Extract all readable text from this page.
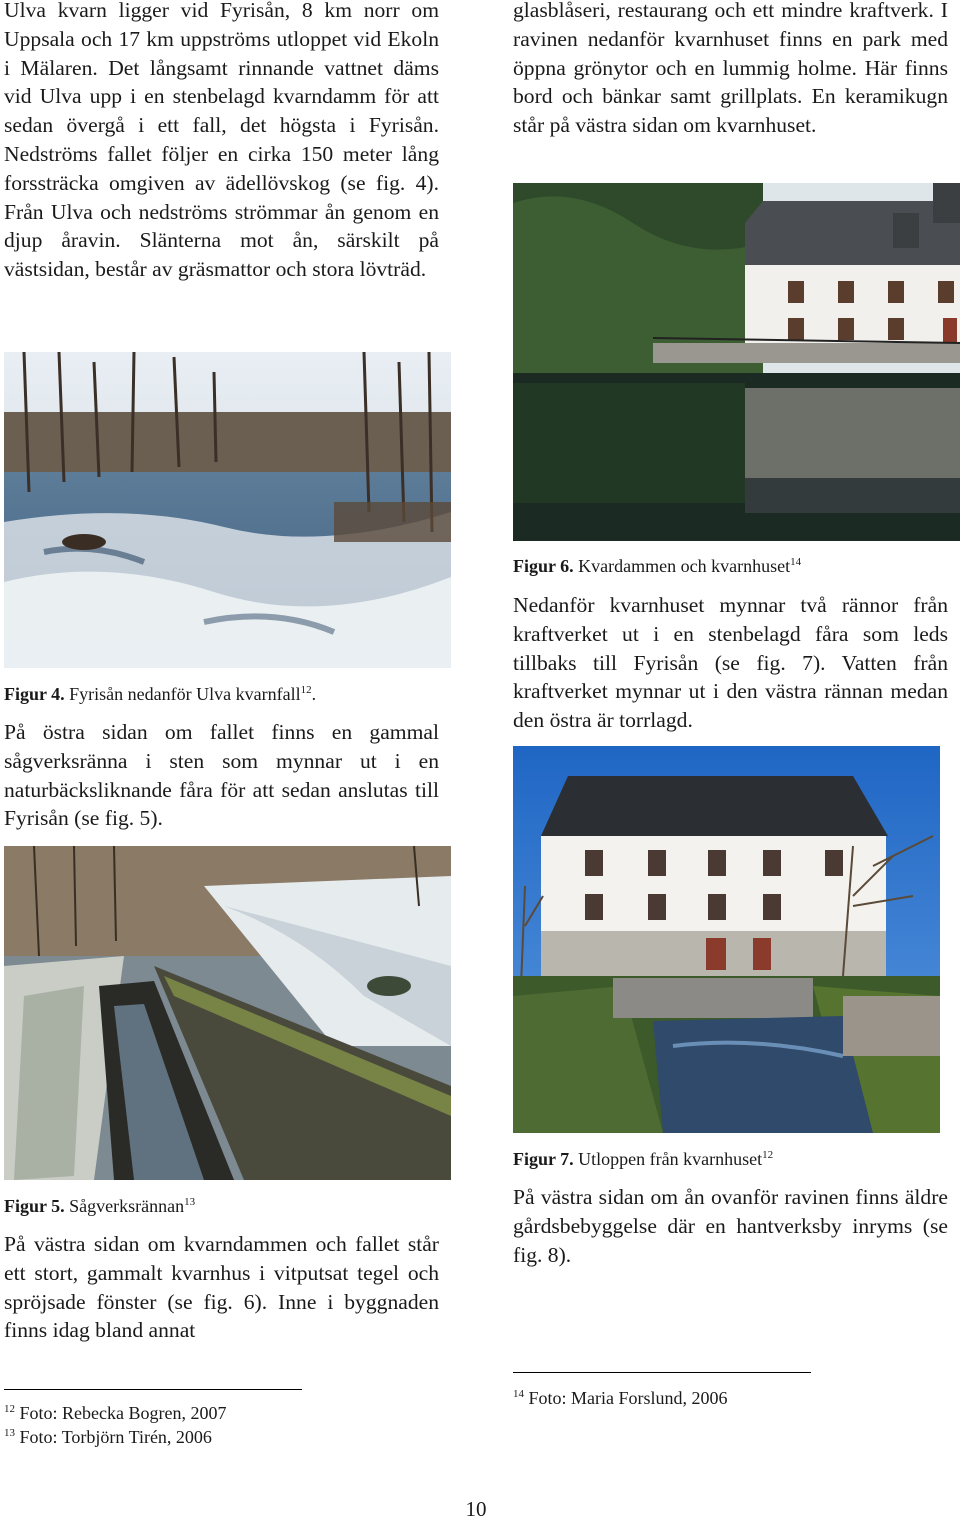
Ulva kvarn ligger vid Fyrisån, 8 km norr om Uppsala och 17 km uppströms utloppet vid Ekoln i Mälaren. Det långsamt rinnande vattnet däms vid Ulva upp i en stenbelagd kvarndamm för att sedan övergå i ett fall, det högsta i Fyrisån. Nedströms fallet följer en cirka 150 meter lång forssträcka omgiven av ädellövskog (se fig. 4). Från Ulva och nedströms strömmar ån genom en djup åravin. Slänterna mot ån, särskilt på västsidan, består av gräsmattor och stora lövträd.

Figur 4. Fyrisån nedanför Ulva kvarnfall$^{12}$.

På östra sidan om fallet finns en gammal sågverksränna i sten som mynnar ut i en naturbäcksliknande fåra för att sedan anslutas till Fyrisån (se fig. 5).

Figur 5. Sågverksrännan$^{13}$

På västra sidan om kvarndammen och fallet står ett stort, gammalt kvarnhus i vitputsat tegel och spröjsade fönster (se fig. 6). Inne i byggnaden finns idag bland annat

$^{12}$ Foto: Rebecka Bogren, 2007
$^{13}$ Foto: Torbjörn Tirén, 2006

glasblåseri, restaurang och ett mindre kraftverk. I ravinen nedanför kvarnhuset finns en park med öppna grönytor och en lummig holme. Här finns bord och bänkar samt grillplats. En keramikugn står på västra sidan om kvarnhuset.

Figur 6. Kvardammen och kvarnhuset$^{14}$

Nedanför kvarnhuset mynnar två rännor från kraftverket ut i en stenbelagd fåra som leds tillbaks till Fyrisån (se fig. 7). Vatten från kraftverket mynnar ut i den västra rännan medan den östra är torrlagd.

Figur 7. Utloppen från kvarnhuset$^{12}$

På västra sidan om ån ovanför ravinen finns äldre gårdsbebyggelse där en hantverksby inryms (se fig. 8).

$^{14}$ Foto: Maria Forslund, 2006
10
